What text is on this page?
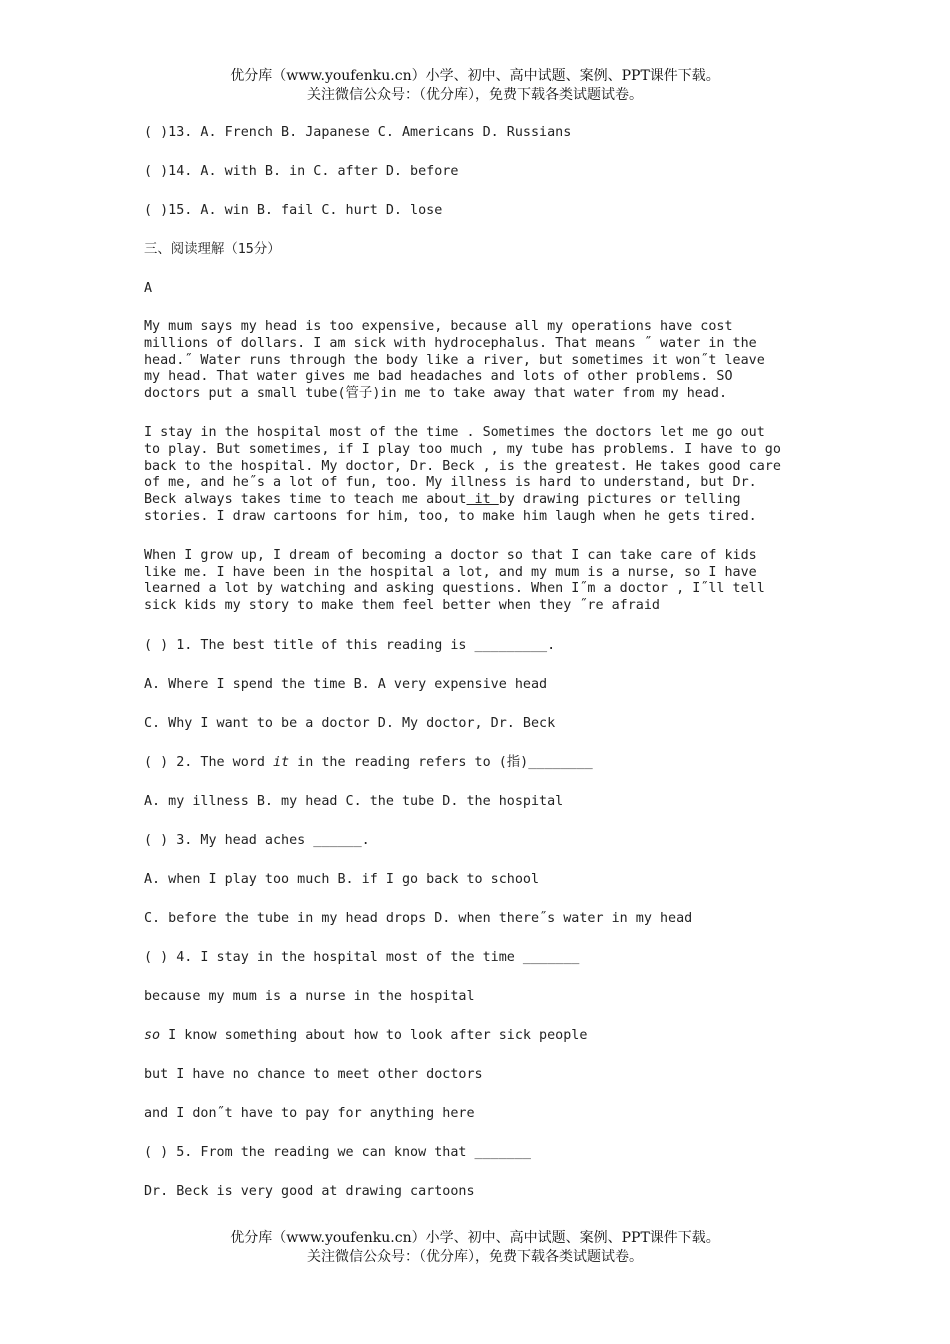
优分库（www.youfenku.cn）小学、初中、高中试题、案例、PPT课件下载。
关注微信公众号：（优分库），免费下载各类试题试卷。
( )13. A. French B. Japanese C. Americans D. Russians
( )14. A. with B. in C. after D. before
( )15. A. win B. fail C. hurt D. lose
三、阅读理解（15分）
A
My mum says my head is too expensive, because all my operations have cost
millions of dollars. I am sick with hydrocephalus. That means ˝ water in the
head.˝ Water runs through the body like a river, but sometimes it won˝t leave
my head. That water gives me bad headaches and lots of other problems. SO
doctors put a small tube(管子)in me to take away that water from my head.
I stay in the hospital most of the time . Sometimes the doctors let me go out
to play. But sometimes, if I play too much , my tube has problems. I have to go
back to the hospital. My doctor, Dr. Beck , is the greatest. He takes good care
of me, and he˝s a lot of fun, too. My illness is hard to understand, but Dr.
Beck always takes time to teach me about it by drawing pictures or telling
stories. I draw cartoons for him, too, to make him laugh when he gets tired.
When I grow up, I dream of becoming a doctor so that I can take care of kids
like me. I have been in the hospital a lot, and my mum is a nurse, so I have
learned a lot by watching and asking questions. When I˝m a doctor , I˝ll tell
sick kids my story to make them feel better when they ˝re afraid
( ) 1. The best title of this reading is _________.
A. Where I spend the time B. A very expensive head
C. Why I want to be a doctor D. My doctor, Dr. Beck
( ) 2. The word it in the reading refers to (指)________
A. my illness B. my head C. the tube D. the hospital
( ) 3. My head aches ______.
A. when I play too much B. if I go back to school
C. before the tube in my head drops D. when there˝s water in my head
( ) 4. I stay in the hospital most of the time _______
because my mum is a nurse in the hospital
so I know something about how to look after sick people
but I have no chance to meet other doctors
and I don˝t have to pay for anything here
( ) 5. From the reading we can know that _______
Dr. Beck is very good at drawing cartoons
优分库（www.youfenku.cn）小学、初中、高中试题、案例、PPT课件下载。
关注微信公众号：（优分库），免费下载各类试题试卷。
